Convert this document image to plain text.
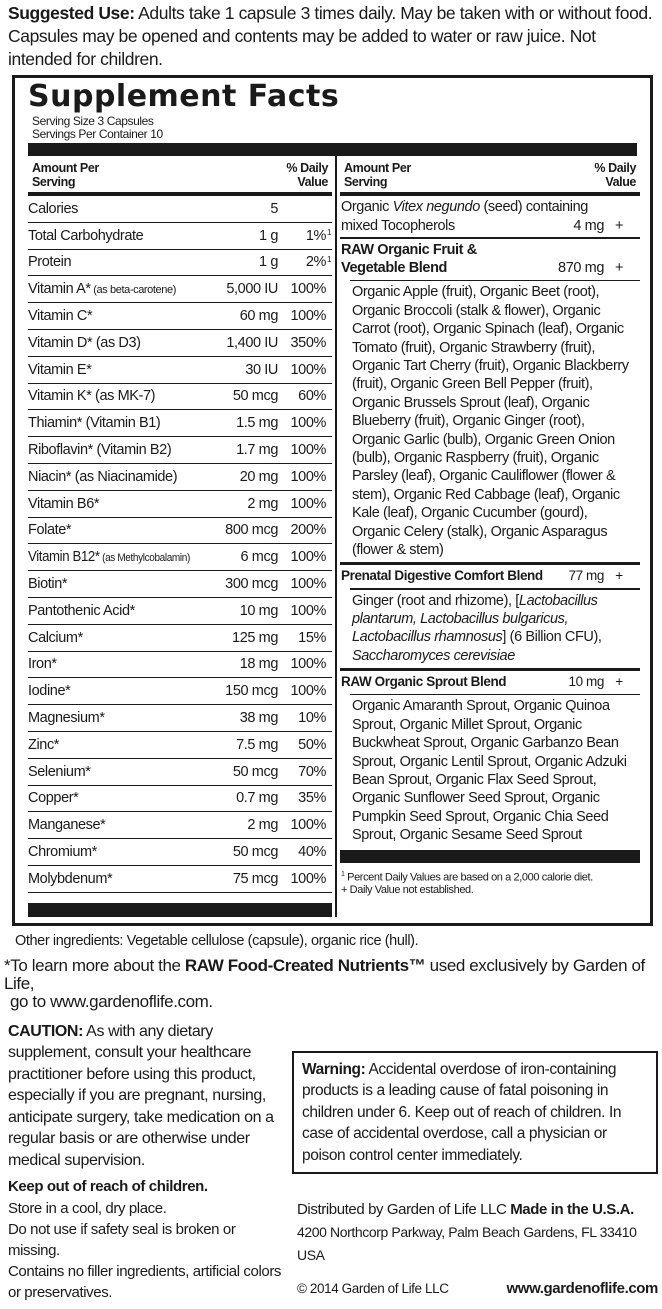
Suggested Use: Adults take 1 capsule 3 times daily. May be taken with or without food. Capsules may be opened and contents may be added to water or raw juice. Not intended for children.
Supplement Facts
Serving Size 3 Capsules
Servings Per Container 10
Amount Per
Serving
% Daily
Value
Calories	5
Total Carbohydrate	1 g	1% 1
Protein	1 g	2% 1
Vitamin A* (as beta-carotene)	5,000 IU 100%
Vitamin C*	60 mg 100%
Vitamin D* (as D3)	1,400 IU 350%
Vitamin E*	30 IU 100%
Vitamin K* (as MK-7)	50 mcg	60%
Thiamin* (Vitamin B1)	1.5 mg 100%
Riboflavin* (Vitamin B2)	1.7 mg 100%
Niacin* (as Niacinamide)	20 mg 100%
Vitamin B6*	2 mg 100%
Folate*	800 mcg 200%
Vitamin B12* (as Methylcobalamin)	6 mcg 100%
Biotin*	300 mcg 100%
Pantothenic Acid*	10 mg 100%
Calcium*	125 mg	15%
Iron*	18 mg 100%
Iodine*	150 mcg 100%
Magnesium*	38 mg	10%
Zinc*	7.5 mg	50%
Selenium*	50 mcg	70%
Copper*	0.7 mg	35%
Manganese*	2 mg 100%
Chromium*	50 mcg	40%
Molybdenum*	75 mcg 100%
Amount Per
Serving
% Daily
Value
Organic Vitex negundo (seed) containing
mixed Tocopherols	4 mg +
RAW Organic Fruit &
Vegetable Blend	870 mg +
Organic Apple (fruit), Organic Beet (root), Organic Broccoli (stalk & flower), Organic Carrot (root), Organic Spinach (leaf), Organic Tomato (fruit), Organic Strawberry (fruit), Organic Tart Cherry (fruit), Organic Blackberry (fruit), Organic Green Bell Pepper (fruit), Organic Brussels Sprout (leaf), Organic Blueberry (fruit), Organic Ginger (root), Organic Garlic (bulb), Organic Green Onion (bulb), Organic Raspberry (fruit), Organic Parsley (leaf), Organic Cauliflower (flower & stem), Organic Red Cabbage (leaf), Organic Kale (leaf), Organic Cucumber (gourd), Organic Celery (stalk), Organic Asparagus (flower & stem)
Prenatal Digestive Comfort Blend	77 mg +
Ginger (root and rhizome), [Lactobacillus plantarum, Lactobacillus bulgaricus, Lactobacillus rhamnosus] (6 Billion CFU), Saccharomyces cerevisiae
RAW Organic Sprout Blend	10 mg +
Organic Amaranth Sprout, Organic Quinoa Sprout, Organic Millet Sprout, Organic Buckwheat Sprout, Organic Garbanzo Bean Sprout, Organic Lentil Sprout, Organic Adzuki Bean Sprout, Organic Flax Seed Sprout, Organic Sunflower Seed Sprout, Organic Pumpkin Seed Sprout, Organic Chia Seed Sprout, Organic Sesame Seed Sprout
$^1$ Percent Daily Values are based on a 2,000 calorie diet.
+ Daily Value not established.
Other ingredients: Vegetable cellulose (capsule), organic rice (hull).
*To learn more about the RAW Food-Created Nutrients™ used exclusively by Garden of Life,
go to www.gardenoflife.com.
CAUTION: As with any dietary supplement, consult your healthcare practitioner before using this product, especially if you are pregnant, nursing, anticipate surgery, take medication on a regular basis or are otherwise under medical supervision.
Keep out of reach of children.
Store in a cool, dry place.
Do not use if safety seal is broken or missing.
Contains no filler ingredients, artificial colors or preservatives.
Warning: Accidental overdose of iron-containing products is a leading cause of fatal poisoning in children under 6. Keep out of reach of children. In case of accidental overdose, call a physician or poison control center immediately.
Distributed by Garden of Life LLC Made in the U.S.A.
4200 Northcorp Parkway, Palm Beach Gardens, FL 33410 USA
© 2014 Garden of Life LLC	www.gardenoflife.com
